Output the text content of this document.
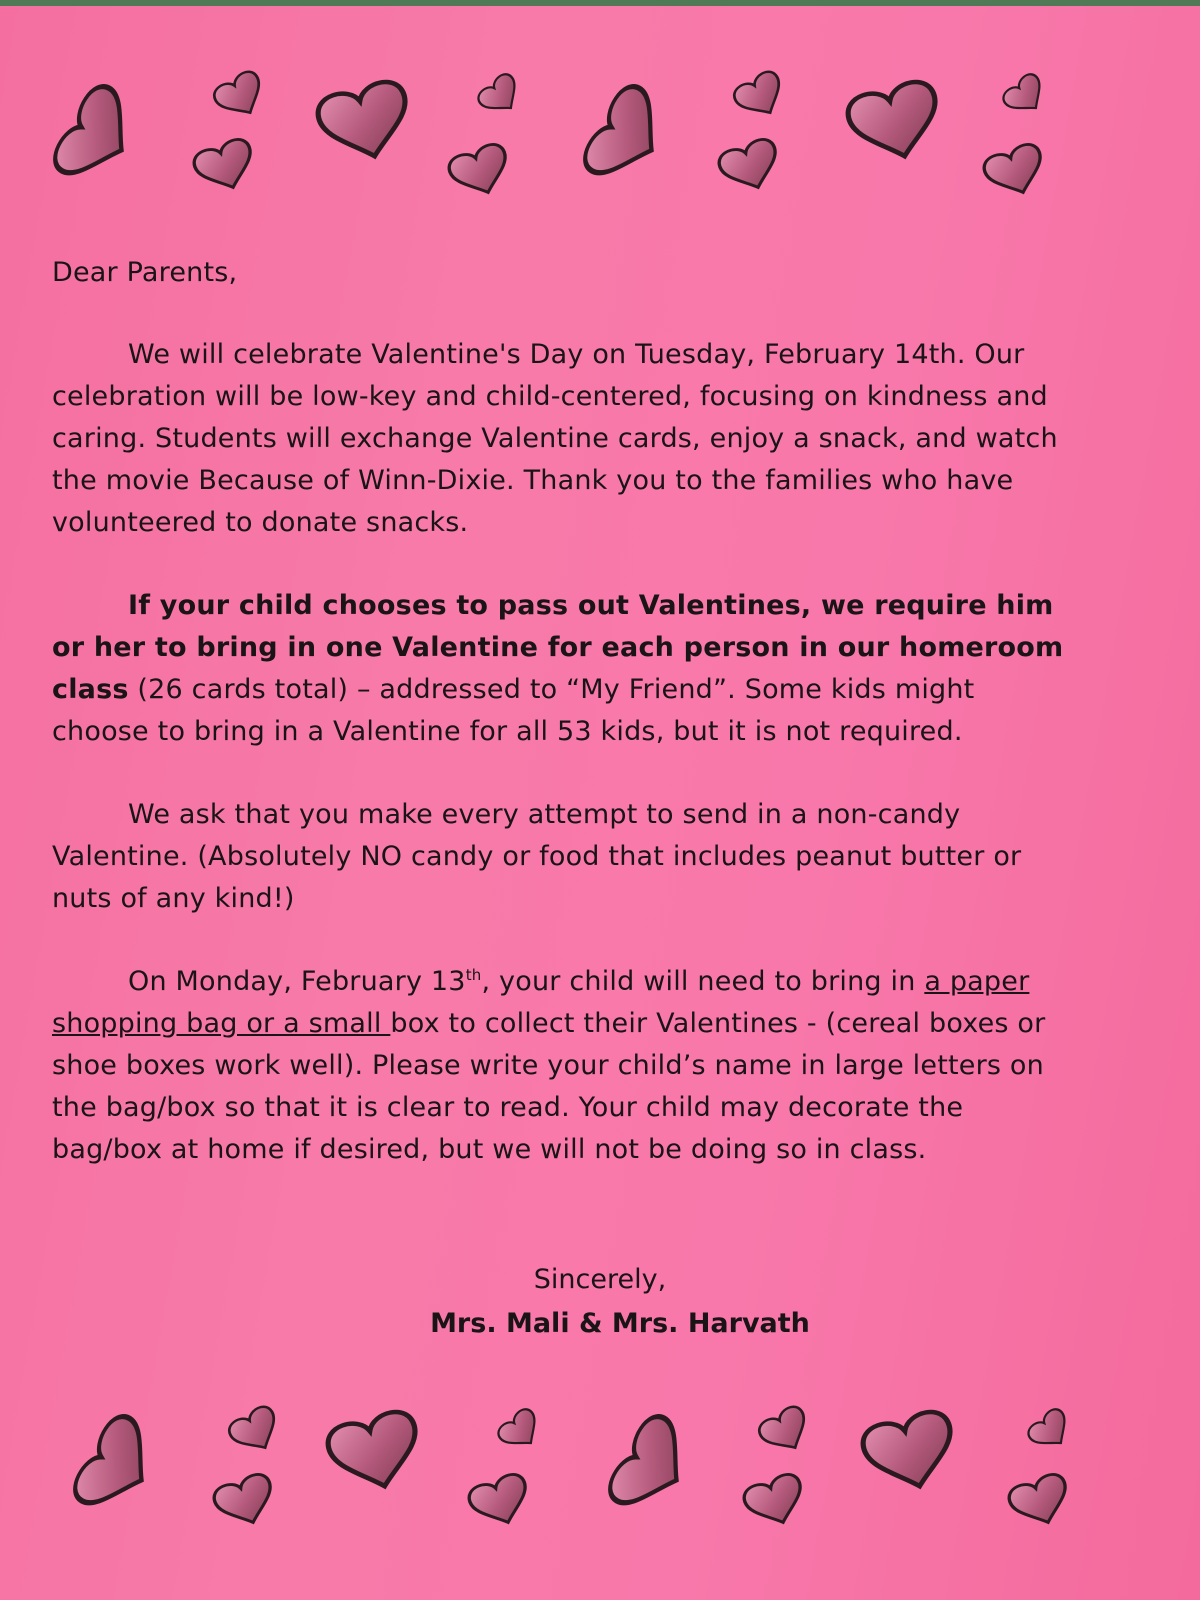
Dear Parents,

We will celebrate Valentine's Day on Tuesday, February 14th. Our celebration will be low-key and child-centered, focusing on kindness and caring. Students will exchange Valentine cards, enjoy a snack, and watch the movie Because of Winn-Dixie. Thank you to the families who have volunteered to donate snacks.

If your child chooses to pass out Valentines, we require him or her to bring in one Valentine for each person in our homeroom class (26 cards total) – addressed to “My Friend”. Some kids might choose to bring in a Valentine for all 53 kids, but it is not required.

We ask that you make every attempt to send in a non-candy Valentine. (Absolutely NO candy or food that includes peanut butter or nuts of any kind!)

On Monday, February 13th, your child will need to bring in a paper shopping bag or a small box to collect their Valentines - (cereal boxes or shoe boxes work well). Please write your child’s name in large letters on the bag/box so that it is clear to read. Your child may decorate the bag/box at home if desired, but we will not be doing so in class.

Sincerely,
Mrs. Mali & Mrs. Harvath
